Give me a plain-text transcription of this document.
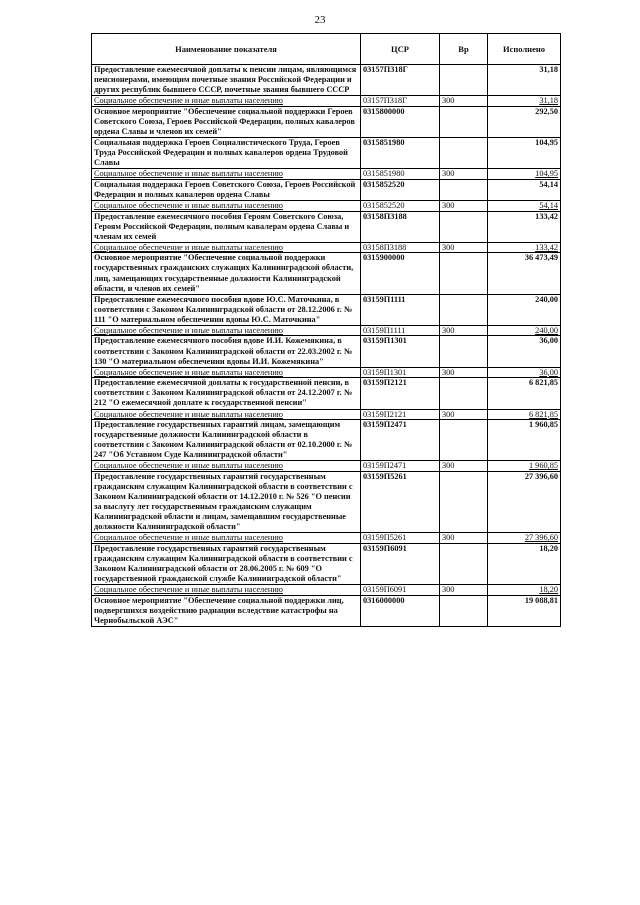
23
Наименование показателя	ЦСР	Вр	Исполнено
Предоставление ежемесячной доплаты к пенсии лицам, являющимся пенсионерами, имеющим почетные звания Российской Федерации и других республик бывшего СССР, почетные звания бывшего СССР	03157П318Г		31,18
Социальное обеспечение и иные выплаты населению	03157П318Г	300	31,18
Основное мероприятие "Обеспечение социальной поддержки Героев Советского Союза, Героев Российской Федерации, полных кавалеров ордена Славы и членов их семей"	0315800000		292,50
Социальная поддержка Героев Социалистического Труда, Героев Труда Российской Федерации и полных кавалеров ордена Трудовой Славы	0315851980		104,95
Социальное обеспечение и иные выплаты населению	0315851980	300	104,95
Социальная поддержка Героев Советского Союза, Героев Российской Федерации и полных кавалеров ордена Славы	0315852520		54,14
Социальное обеспечение и иные выплаты населению	0315852520	300	54,14
Предоставление ежемесячного пособия Героям Советского Союза, Героям Российской Федерации, полным кавалерам ордена Славы и членам их семей	03158П3188		133,42
Социальное обеспечение и иные выплаты населению	03158П3188	300	133,42
Основное мероприятие "Обеспечение социальной поддержки государственных гражданских служащих Калининградской области, лиц, замещающих государственные должности Калининградской области, и членов их семей"	0315900000		36 473,49
Предоставление ежемесячного пособия вдове Ю.С. Маточкина, в соответствии с Законом Калининградской области от 28.12.2006 г. № 111 "О материальном обеспечении вдовы Ю.С. Маточкина"	03159П1111		240,00
Социальное обеспечение и иные выплаты населению	03159П1111	300	240,00
Предоставление ежемесячного пособия вдове И.И. Кожемякина, в соответствии с Законом Калининградской области от 22.03.2002 г. № 130 "О материальном обеспечении вдовы И.И. Кожемякина"	03159П1301		36,00
Социальное обеспечение и иные выплаты населению	03159П1301	300	36,00
Предоставление ежемесячной доплаты к государственной пенсии, в соответствии с Законом Калининградской области от 24.12.2007 г. № 212 "О ежемесячной доплате к государственной пенсии"	03159П2121		6 821,85
Социальное обеспечение и иные выплаты населению	03159П2121	300	6 821,85
Предоставление государственных гарантий лицам, замещающим государственные должности Калининградской области в соответствии с Законом Калининградской области от 02.10.2000 г. № 247 "Об Уставном Суде Калининградской области"	03159П2471		1 960,85
Социальное обеспечение и иные выплаты населению	03159П2471	300	1 960,85
Предоставление государственных гарантий государственным гражданским служащим Калининградской области в соответствии с Законом Калининградской области от 14.12.2010 г. № 526 "О пенсии за выслугу лет государственным гражданским служащим Калининградской области и лицам, замещавшим государственные должности Калининградской области"	03159П5261		27 396,60
Социальное обеспечение и иные выплаты населению	03159П5261	300	27 396,60
Предоставление государственных гарантий государственным гражданским служащим Калининградской области в соответствии с Законом Калининградской области от 28.06.2005 г. № 609 "О государственной гражданской службе Калининградской области"	03159П6091		18,20
Социальное обеспечение и иные выплаты населению	03159П6091	300	18,20
Основное мероприятие "Обеспечение социальной поддержки лиц, подвергшихся воздействию радиации вследствие катастрофы на Чернобыльской АЭС"	0316000000		19 088,81
